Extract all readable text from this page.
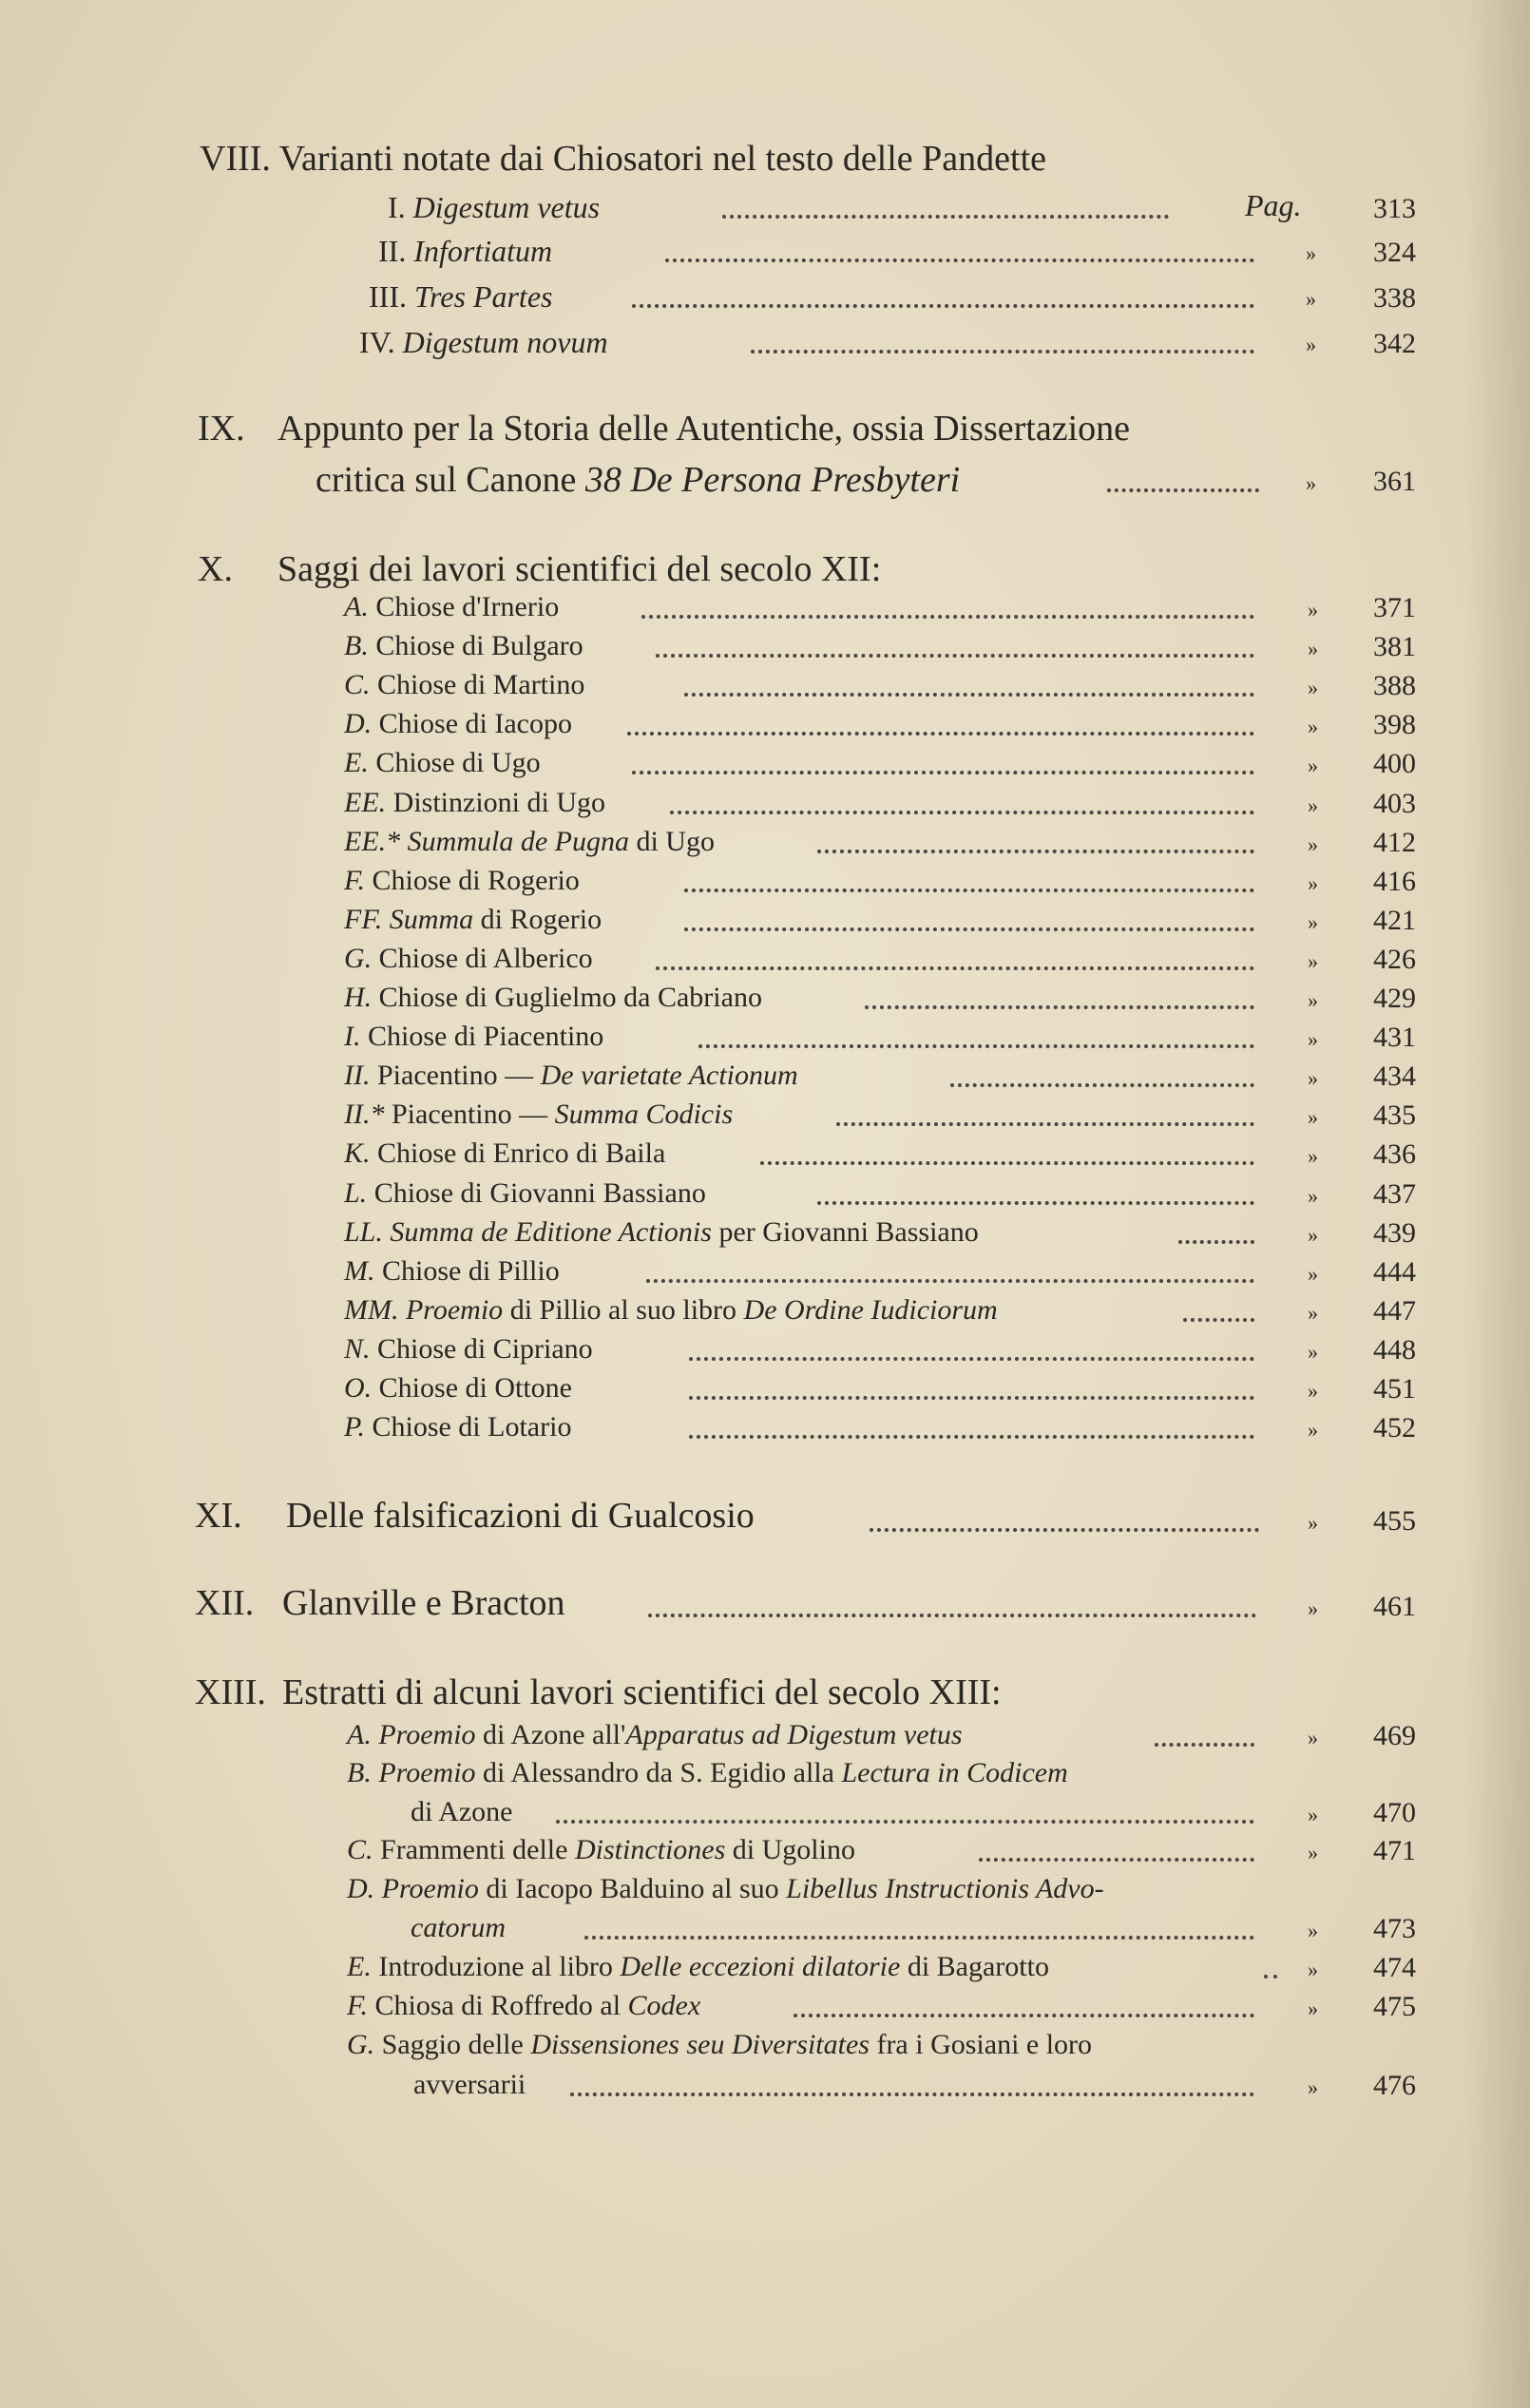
VIII. Varianti notate dai Chiosatori nel testo delle Pandette
I. Digestum vetus	Pag.	313
II. Infortiatum	»	324
III. Tres Partes	»	338
IV. Digestum novum	»	342
IX. Appunto per la Storia delle Autentiche, ossia Dissertazione
critica sul Canone 38 De Persona Presbyteri	»	361
X. Saggi dei lavori scientifici del secolo XII:
A. Chiose d'Irnerio	»	371
B. Chiose di Bulgaro	»	381
C. Chiose di Martino	»	388
D. Chiose di Iacopo	»	398
E. Chiose di Ugo	»	400
EE. Distinzioni di Ugo	»	403
EE.* Summula de Pugna di Ugo	»	412
F. Chiose di Rogerio	»	416
FF. Summa di Rogerio	»	421
G. Chiose di Alberico	»	426
H. Chiose di Guglielmo da Cabriano	»	429
I. Chiose di Piacentino	»	431
II. Piacentino — De varietate Actionum	»	434
II.* Piacentino — Summa Codicis	»	435
K. Chiose di Enrico di Baila	»	436
L. Chiose di Giovanni Bassiano	»	437
LL. Summa de Editione Actionis per Giovanni Bassiano	»	439
M. Chiose di Pillio	»	444
MM. Proemio di Pillio al suo libro De Ordine Iudiciorum	»	447
N. Chiose di Cipriano	»	448
O. Chiose di Ottone	»	451
P. Chiose di Lotario	»	452
XI. Delle falsificazioni di Gualcosio	»	455
XII. Glanville e Bracton	»	461
XIII. Estratti di alcuni lavori scientifici del secolo XIII:
A. Proemio di Azone all'Apparatus ad Digestum vetus	»	469
B. Proemio di Alessandro da S. Egidio alla Lectura in Codicem
di Azone	»	470
C. Frammenti delle Distinctiones di Ugolino	»	471
D. Proemio di Iacopo Balduino al suo Libellus Instructionis Advo-
catorum	»	473
E. Introduzione al libro Delle eccezioni dilatorie di Bagarotto	»	474
F. Chiosa di Roffredo al Codex	»	475
G. Saggio delle Dissensiones seu Diversitates fra i Gosiani e loro
avversarii	»	476
